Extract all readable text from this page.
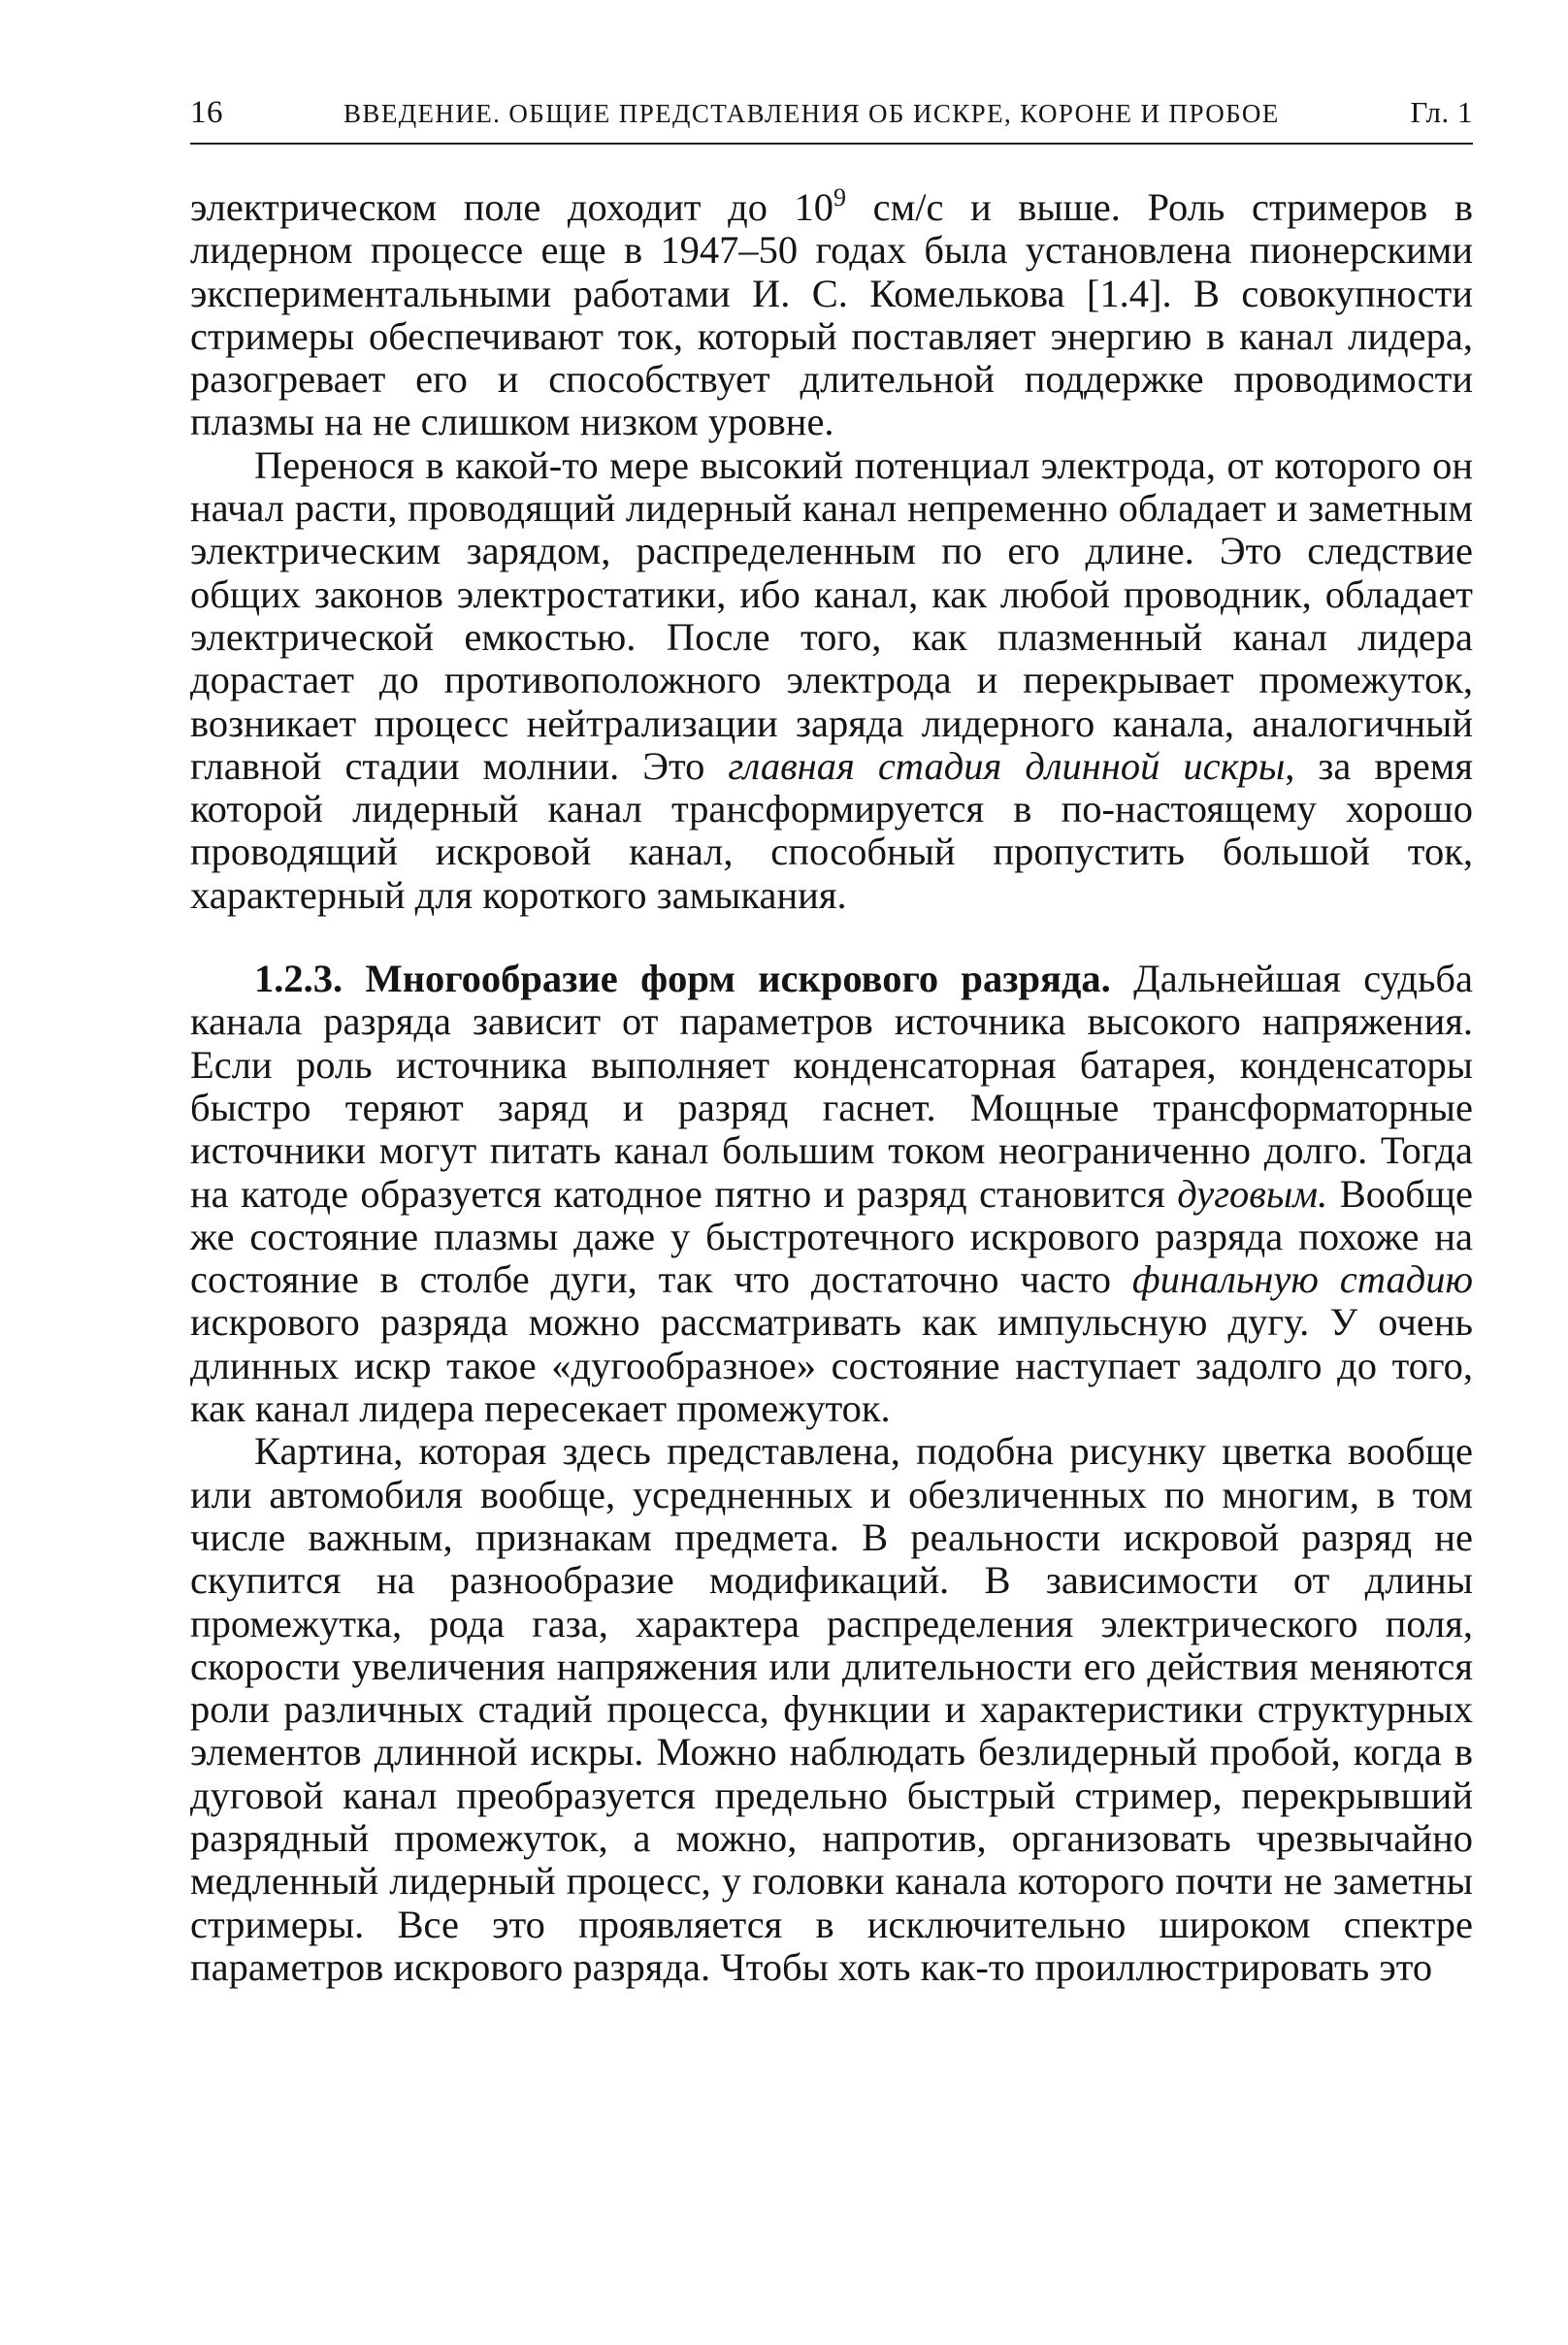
16	ВВЕДЕНИЕ. ОБЩИЕ ПРЕДСТАВЛЕНИЯ ОБ ИСКРЕ, КОРОНЕ И ПРОБОЕ	Гл. 1

электрическом поле доходит до $10^9$ см/с и выше. Роль стримеров в лидерном процессе еще в 1947–50 годах была установлена пионерскими экспериментальными работами И. С. Комелькова [1.4]. В совокупности стримеры обеспечивают ток, который поставляет энергию в канал лидера, разогревает его и способствует длительной поддержке проводимости плазмы на не слишком низком уровне.

Перенося в какой-то мере высокий потенциал электрода, от которого он начал расти, проводящий лидерный канал непременно обладает и заметным электрическим зарядом, распределенным по его длине. Это следствие общих законов электростатики, ибо канал, как любой проводник, обладает электрической емкостью. После того, как плазменный канал лидера дорастает до противоположного электрода и перекрывает промежуток, возникает процесс нейтрализации заряда лидерного канала, аналогичный главной стадии молнии. Это главная стадия длинной искры, за время которой лидерный канал трансформируется в по-настоящему хорошо проводящий искровой канал, способный пропустить большой ток, характерный для короткого замыкания.

1.2.3. Многообразие форм искрового разряда. Дальнейшая судьба канала разряда зависит от параметров источника высокого напряжения. Если роль источника выполняет конденсаторная батарея, конденсаторы быстро теряют заряд и разряд гаснет. Мощные трансформаторные источники могут питать канал большим током неограниченно долго. Тогда на катоде образуется катодное пятно и разряд становится дуговым. Вообще же состояние плазмы даже у быстротечного искрового разряда похоже на состояние в столбе дуги, так что достаточно часто финальную стадию искрового разряда можно рассматривать как импульсную дугу. У очень длинных искр такое «дугообразное» состояние наступает задолго до того, как канал лидера пересекает промежуток.

Картина, которая здесь представлена, подобна рисунку цветка вообще или автомобиля вообще, усредненных и обезличенных по многим, в том числе важным, признакам предмета. В реальности искровой разряд не скупится на разнообразие модификаций. В зависимости от длины промежутка, рода газа, характера распределения электрического поля, скорости увеличения напряжения или длительности его действия меняются роли различных стадий процесса, функции и характеристики структурных элементов длинной искры. Можно наблюдать безлидерный пробой, когда в дуговой канал преобразуется предельно быстрый стример, перекрывший разрядный промежуток, а можно, напротив, организовать чрезвычайно медленный лидерный процесс, у головки канала которого почти не заметны стримеры. Все это проявляется в исключительно широком спектре параметров искрового разряда. Чтобы хоть как-то проиллюстрировать это
